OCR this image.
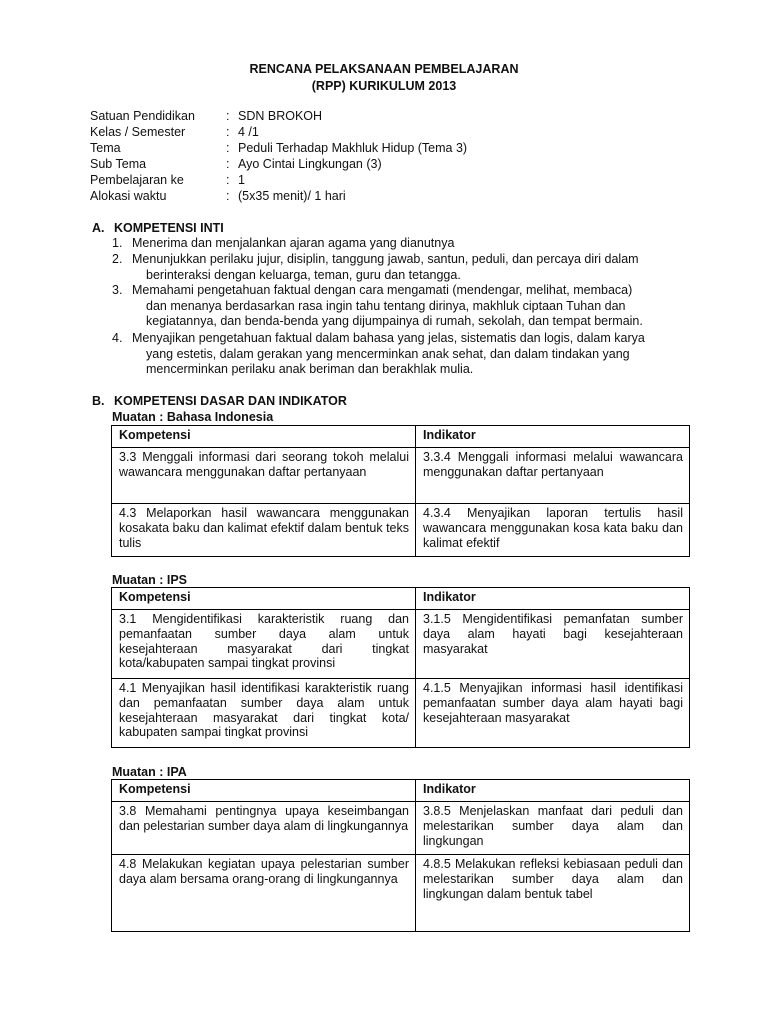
RENCANA PELAKSANAAN PEMBELAJARAN
(RPP) KURIKULUM 2013
Satuan Pendidikan : SDN BROKOH
Kelas / Semester	: 4 /1
Tema	: Peduli Terhadap Makhluk Hidup (Tema 3)
Sub Tema	: Ayo Cintai Lingkungan (3)
Pembelajaran ke	: 1
Alokasi waktu	: (5x35 menit)/ 1 hari
A. KOMPETENSI INTI
1. Menerima dan menjalankan ajaran agama yang dianutnya

2. Menunjukkan perilaku jujur, disiplin, tanggung jawab, santun, peduli, dan percaya diri dalam

berinteraksi dengan keluarga, teman, guru dan tetangga.

3. Memahami pengetahuan faktual dengan cara mengamati (mendengar, melihat, membaca)

dan menanya berdasarkan rasa ingin tahu tentang dirinya, makhluk ciptaan Tuhan dan

kegiatannya, dan benda-benda yang dijumpainya di rumah, sekolah, dan tempat bermain.

4. Menyajikan pengetahuan faktual dalam bahasa yang jelas, sistematis dan logis, dalam karya

yang estetis, dalam gerakan yang mencerminkan anak sehat, dan dalam tindakan yang

mencerminkan perilaku anak beriman dan berakhlak mulia.

B. KOMPETENSI DASAR DAN INDIKATOR
Muatan : Bahasa Indonesia
Kompetensi	Indikator
3.3 Menggali informasi dari seorang tokoh melalui wawancara menggunakan daftar pertanyaan	3.3.4 Menggali informasi melalui wawancara menggunakan daftar pertanyaan
4.3 Melaporkan hasil wawancara menggunakan kosakata baku dan kalimat efektif dalam bentuk teks tulis	4.3.4 Menyajikan laporan tertulis hasil wawancara menggunakan kosa kata baku dan kalimat efektif
Muatan : IPS
Kompetensi	Indikator
3.1 Mengidentifikasi karakteristik ruang dan pemanfaatan sumber daya alam untuk kesejahteraan masyarakat dari tingkat kota/kabupaten sampai tingkat provinsi	3.1.5 Mengidentifikasi pemanfatan sumber daya alam hayati bagi kesejahteraan masyarakat
4.1 Menyajikan hasil identifikasi karakteristik ruang dan pemanfaatan sumber daya alam untuk kesejahteraan masyarakat dari tingkat kota/ kabupaten sampai tingkat provinsi	4.1.5 Menyajikan informasi hasil identifikasi pemanfaatan sumber daya alam hayati bagi kesejahteraan masyarakat
Muatan : IPA
Kompetensi	Indikator
3.8 Memahami pentingnya upaya keseimbangan dan pelestarian sumber daya alam di lingkungannya	3.8.5 Menjelaskan manfaat dari peduli dan melestarikan sumber daya alam dan lingkungan
4.8 Melakukan kegiatan upaya pelestarian sumber daya alam bersama orang-orang di lingkungannya	4.8.5 Melakukan refleksi kebiasaan peduli dan melestarikan sumber daya alam dan lingkungan dalam bentuk tabel
